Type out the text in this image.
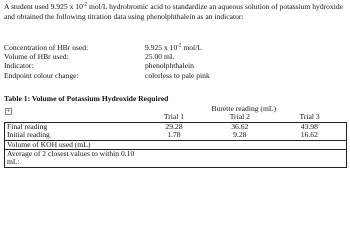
A student used 9.925 x $10^{-2}$ mol/L hydrobromic acid to standardize an aqueous solution of potassium hydroxide and obtained the following titration data using phenolphthalein as an indicator:
Concentration of HBr used:	9.925 x $10^{-2}$ mol/L
Volume of HBr used:	25.00 mL
Indicator:	phenolphthalein
Endpoint colour change:	colorless to pale pink
Table 1: Volume of Potassium Hydroxide Required
+
		Burette reading (mL)		
	Trial 1	Trial 2	Trial 3
Final reading	29.28	36.62	43.98
Initial reading	1.78	9.28	16.62
Volume of KOH used (mL)			
Average of 2 closest values to within 0.10 mL:			
